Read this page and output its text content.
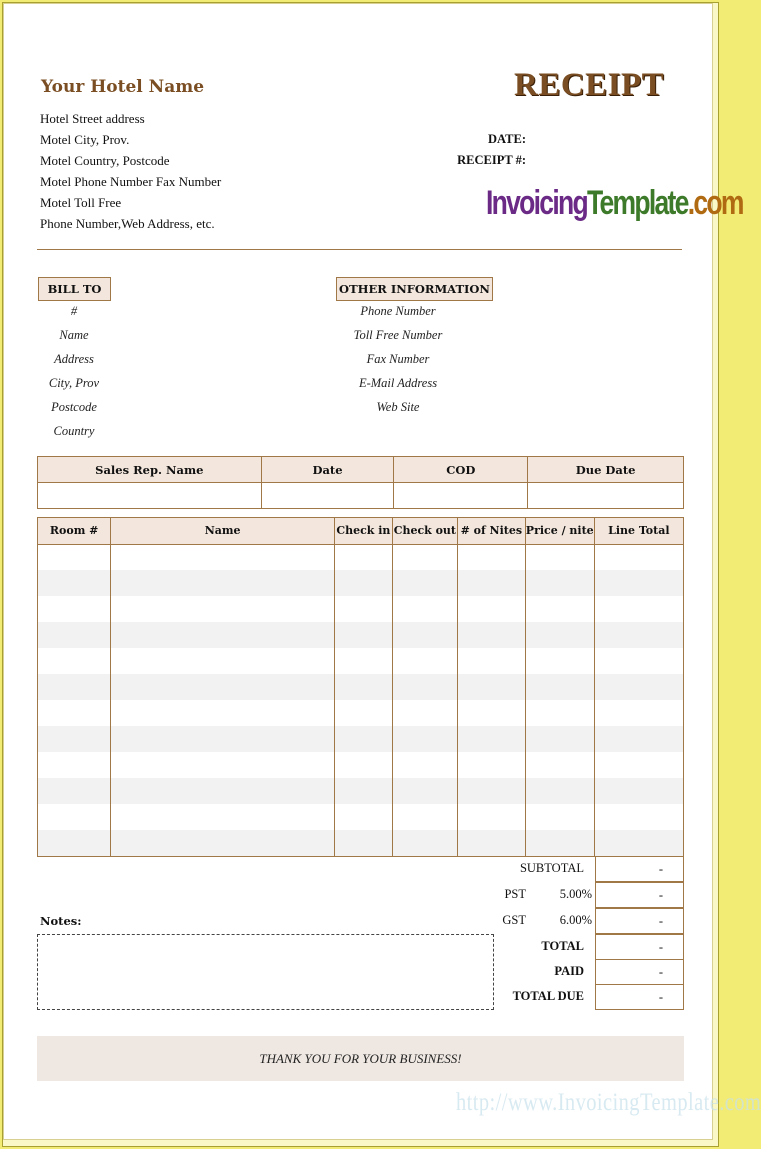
Your Hotel Name
Hotel Street address
Motel City, Prov.
Motel Country, Postcode
Motel Phone Number Fax Number
Motel Toll Free
Phone Number,Web Address, etc.
RECEIPT
DATE:
RECEIPT #:
InvoicingTemplate.com
BILL TO
#
Name
Address
City, Prov
Postcode
Country
OTHER INFORMATION
Phone Number
Toll Free Number
Fax Number
E-Mail Address
Web Site
Sales Rep. Name	Date	COD	Due Date

Room #	Name	Check in	Check out	# of Nites	Price / nite	Line Total

SUBTOTAL	-
PST	5.00%	-
GST	6.00%	-
TOTAL	-
PAID	-
TOTAL DUE	-
Notes:
THANK YOU FOR YOUR BUSINESS!
http://www.InvoicingTemplate.com
